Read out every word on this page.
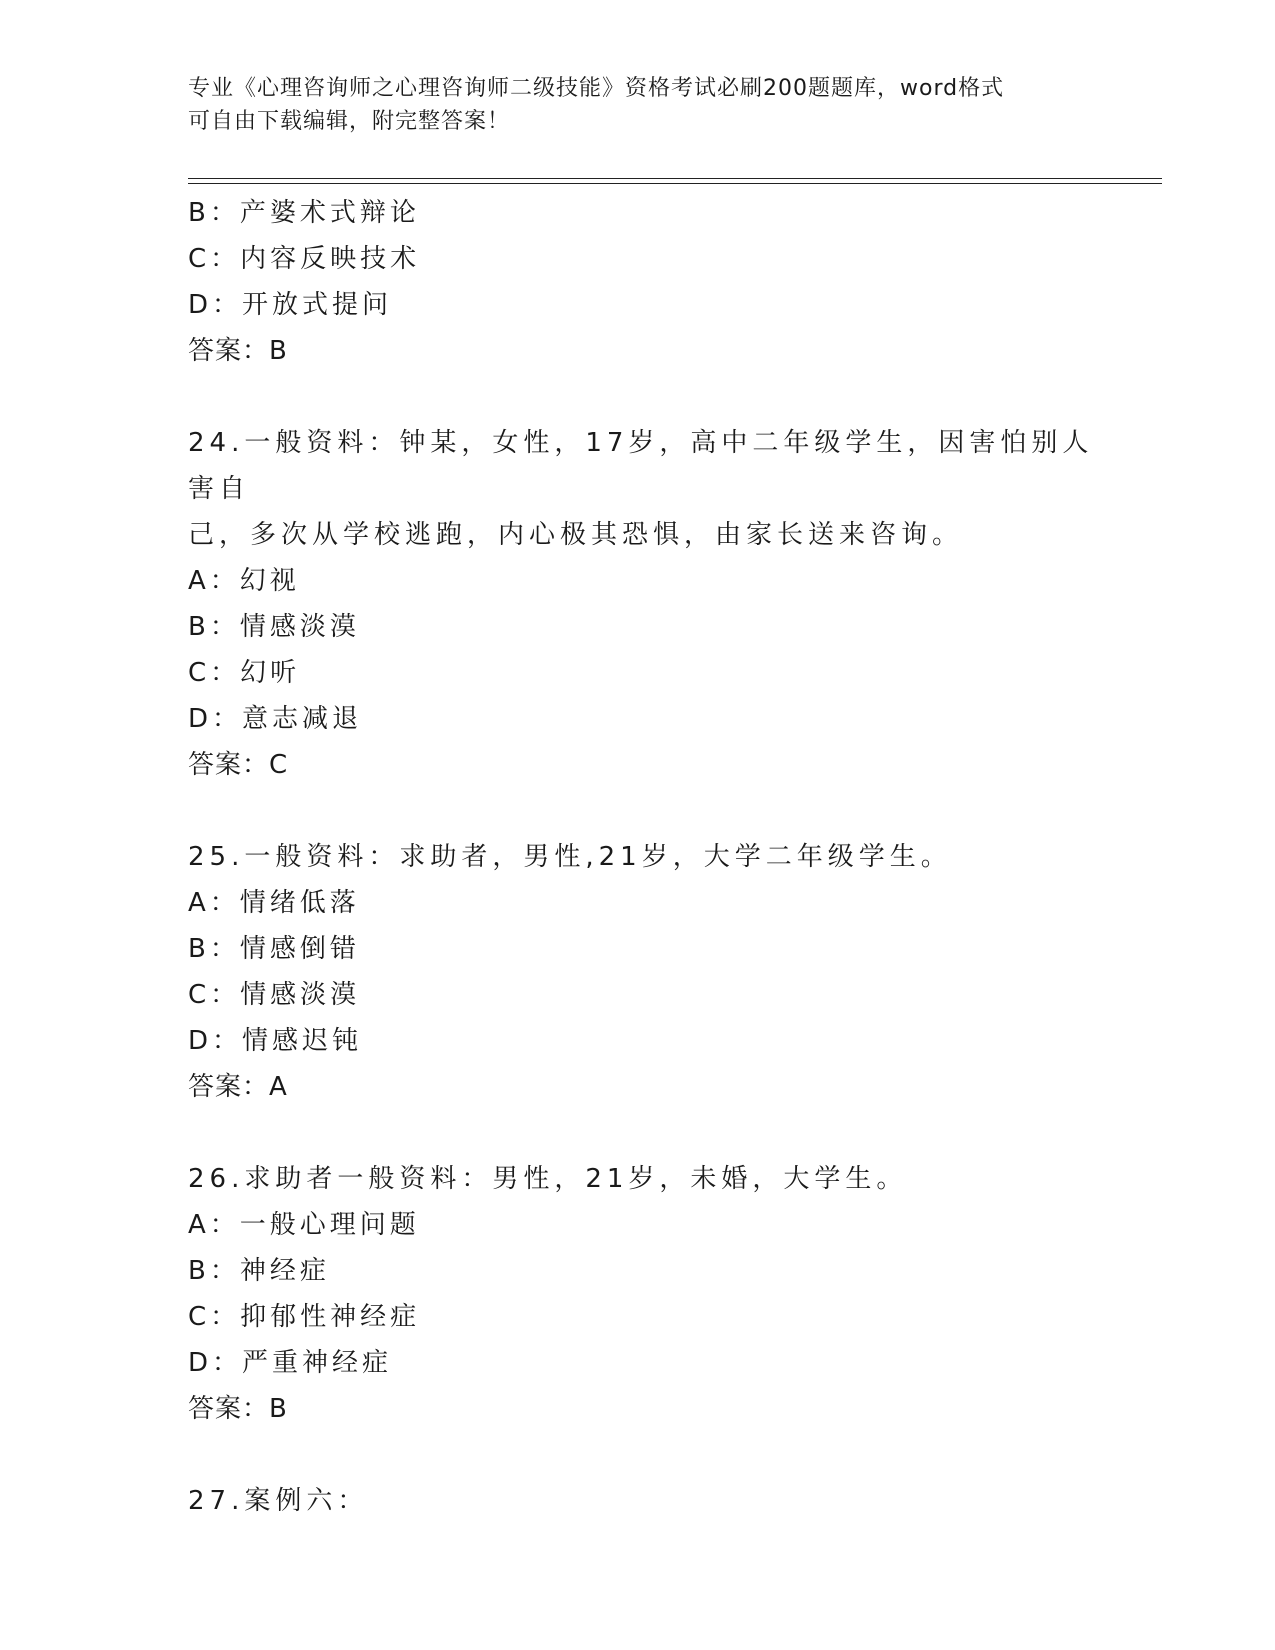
专业《心理咨询师之心理咨询师二级技能》资格考试必刷200题题库，word格式
可自由下载编辑，附完整答案！
B：产婆术式辩论
C：内容反映技术
D：开放式提问
答案：B
24.一般资料：钟某，女性，17岁，高中二年级学生，因害怕别人害自
己，多次从学校逃跑，内心极其恐惧，由家长送来咨询。
A：幻视
B：情感淡漠
C：幻听
D：意志减退
答案：C
25.一般资料：求助者，男性,21岁，大学二年级学生。
A：情绪低落
B：情感倒错
C：情感淡漠
D：情感迟钝
答案：A
26.求助者一般资料：男性，21岁，未婚，大学生。
A：一般心理问题
B：神经症
C：抑郁性神经症
D：严重神经症
答案：B
27.案例六：
